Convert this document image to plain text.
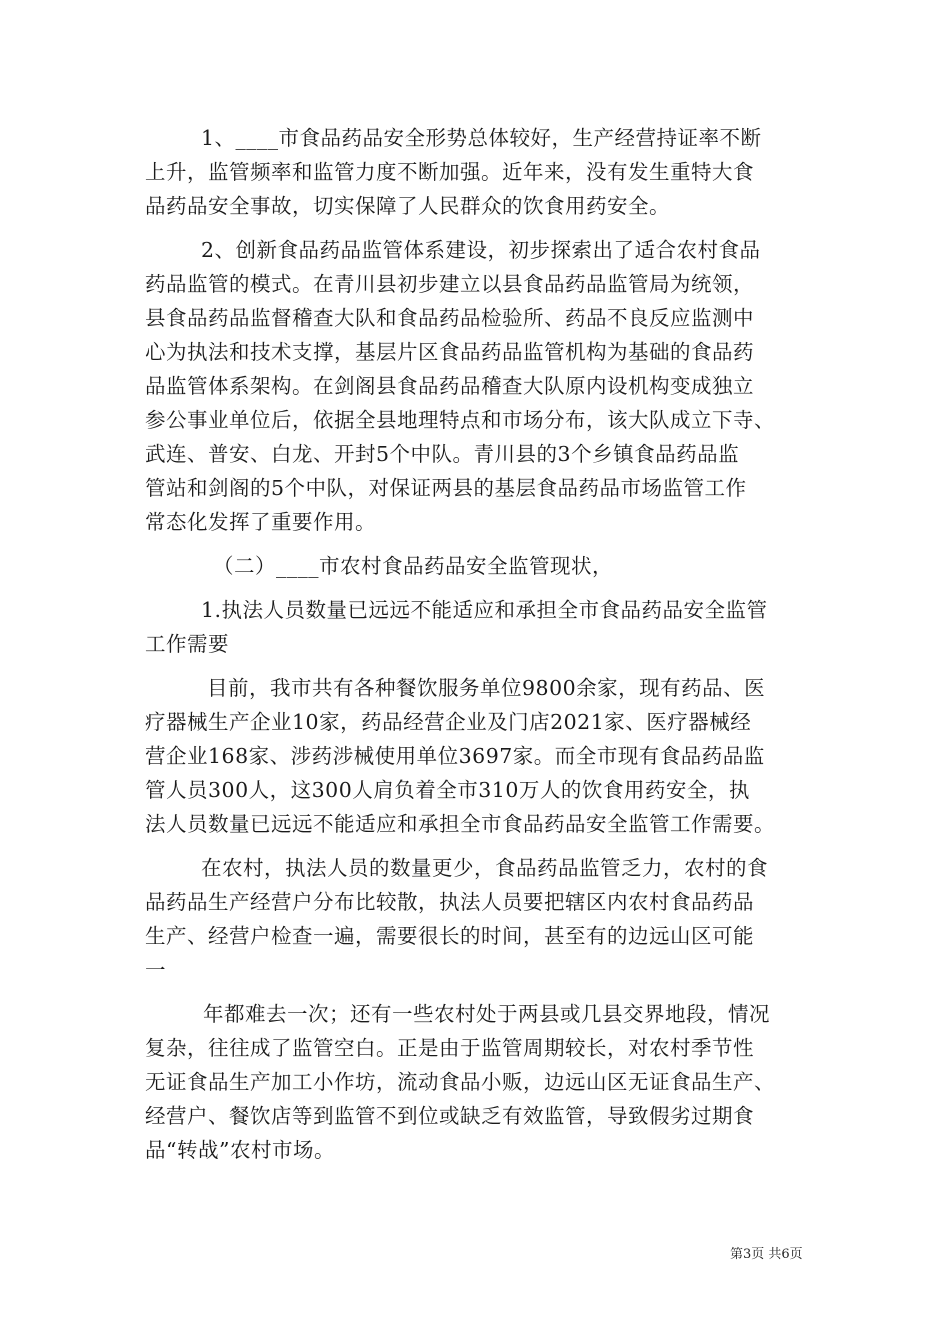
1、____市食品药品安全形势总体较好，生产经营持证率不断
上升，监管频率和监管力度不断加强。近年来，没有发生重特大食
品药品安全事故，切实保障了人民群众的饮食用药安全。
2、创新食品药品监管体系建设，初步探索出了适合农村食品
药品监管的模式。在青川县初步建立以县食品药品监管局为统领，
县食品药品监督稽查大队和食品药品检验所、药品不良反应监测中
心为执法和技术支撑，基层片区食品药品监管机构为基础的食品药
品监管体系架构。在剑阁县食品药品稽查大队原内设机构变成独立
参公事业单位后，依据全县地理特点和市场分布，该大队成立下寺、
武连、普安、白龙、开封5个中队。青川县的3个乡镇食品药品监
管站和剑阁的5个中队，对保证两县的基层食品药品市场监管工作
常态化发挥了重要作用。
（二）____市农村食品药品安全监管现状，
1.执法人员数量已远远不能适应和承担全市食品药品安全监管
工作需要
目前，我市共有各种餐饮服务单位9800余家，现有药品、医
疗器械生产企业10家，药品经营企业及门店2021家、医疗器械经
营企业168家、涉药涉械使用单位3697家。而全市现有食品药品监
管人员300人，这300人肩负着全市310万人的饮食用药安全，执
法人员数量已远远不能适应和承担全市食品药品安全监管工作需要。
在农村，执法人员的数量更少，食品药品监管乏力，农村的食
品药品生产经营户分布比较散，执法人员要把辖区内农村食品药品
生产、经营户检查一遍，需要很长的时间，甚至有的边远山区可能
一
年都难去一次；还有一些农村处于两县或几县交界地段，情况
复杂，往往成了监管空白。正是由于监管周期较长，对农村季节性
无证食品生产加工小作坊，流动食品小贩，边远山区无证食品生产、
经营户、餐饮店等到监管不到位或缺乏有效监管，导致假劣过期食
品“转战”农村市场。
第3页 共6页
